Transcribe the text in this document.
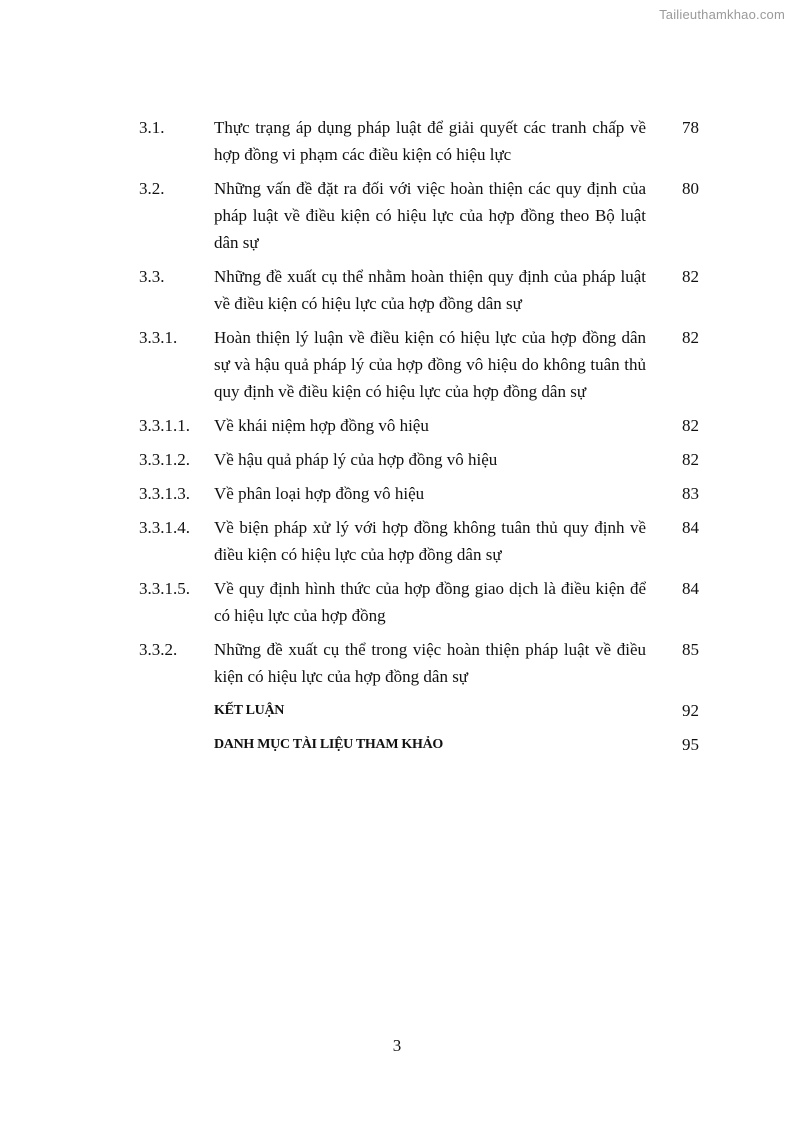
Tailieuthamkhao.com
3.1.	Thực trạng áp dụng pháp luật để giải quyết các tranh chấp về hợp đồng vi phạm các điều kiện có hiệu lực
78
3.2.	Những vấn đề đặt ra đối với việc hoàn thiện các quy định của pháp luật về điều kiện có hiệu lực của hợp đồng theo Bộ luật dân sự
80
3.3.	Những đề xuất cụ thể nhằm hoàn thiện quy định của pháp luật về điều kiện có hiệu lực của hợp đồng dân sự
82
3.3.1.	Hoàn thiện lý luận về điều kiện có hiệu lực của hợp đồng dân sự và hậu quả pháp lý của hợp đồng vô hiệu do không tuân thủ quy định về điều kiện có hiệu lực của hợp đồng dân sự
82
3.3.1.1.	Về khái niệm hợp đồng vô hiệu	82
3.3.1.2.	Về hậu quả pháp lý của hợp đồng vô hiệu	82
3.3.1.3.	Về phân loại hợp đồng vô hiệu	83
3.3.1.4.	Về biện pháp xử lý với hợp đồng không tuân thủ quy định về điều kiện có hiệu lực của hợp đồng dân sự
84
3.3.1.5.	Về quy định hình thức của hợp đồng giao dịch là điều kiện để có hiệu lực của hợp đồng
84
3.3.2.	Những đề xuất cụ thể trong việc hoàn thiện pháp luật về điều kiện có hiệu lực của hợp đồng dân sự
85
KẾT LUẬN	92
DANH MỤC TÀI LIỆU THAM KHẢO	95
3
